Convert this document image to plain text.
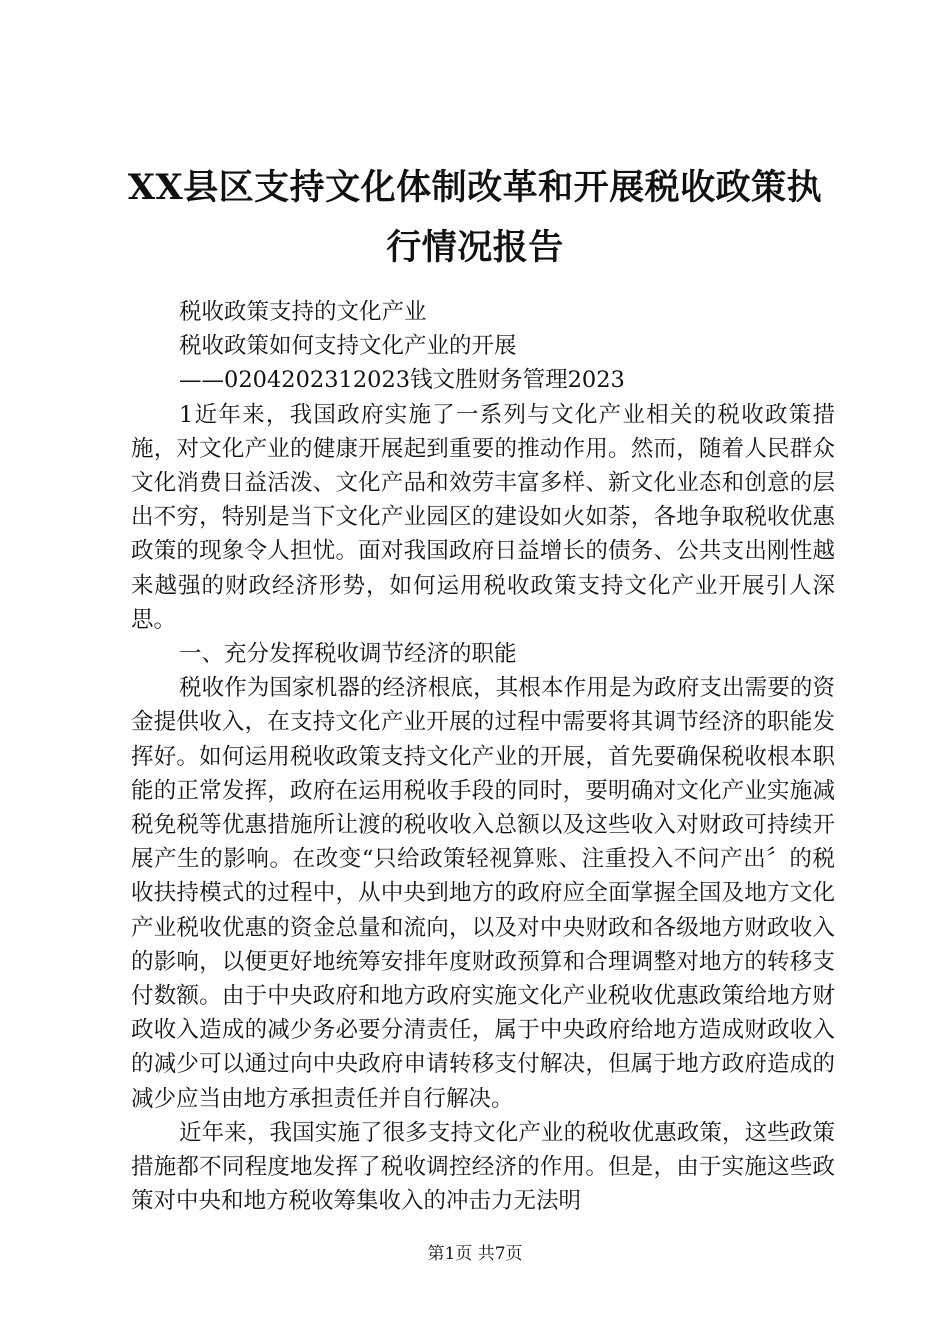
XX县区支持文化体制改革和开展税收政策执行情况报告

税收政策支持的文化产业

税收政策如何支持文化产业的开展

——0204202312023钱文胜财务管理2023

1近年来，我国政府实施了一系列与文化产业相关的税收政策措施，对文化产业的健康开展起到重要的推动作用。然而，随着人民群众文化消费日益活泼、文化产品和效劳丰富多样、新文化业态和创意的层出不穷，特别是当下文化产业园区的建设如火如荼，各地争取税收优惠政策的现象令人担忧。面对我国政府日益增长的债务、公共支出刚性越来越强的财政经济形势，如何运用税收政策支持文化产业开展引人深思。

一、充分发挥税收调节经济的职能

税收作为国家机器的经济根底，其根本作用是为政府支出需要的资金提供收入，在支持文化产业开展的过程中需要将其调节经济的职能发挥好。如何运用税收政策支持文化产业的开展，首先要确保税收根本职能的正常发挥，政府在运用税收手段的同时，要明确对文化产业实施减税免税等优惠措施所让渡的税收收入总额以及这些收入对财政可持续开展产生的影响。在改变“只给政策轻视算账、注重投入不问产出〞的税收扶持模式的过程中，从中央到地方的政府应全面掌握全国及地方文化产业税收优惠的资金总量和流向，以及对中央财政和各级地方财政收入的影响，以便更好地统筹安排年度财政预算和合理调整对地方的转移支付数额。由于中央政府和地方政府实施文化产业税收优惠政策给地方财政收入造成的减少务必要分清责任，属于中央政府给地方造成财政收入的减少可以通过向中央政府申请转移支付解决，但属于地方政府造成的减少应当由地方承担责任并自行解决。

近年来，我国实施了很多支持文化产业的税收优惠政策，这些政策措施都不同程度地发挥了税收调控经济的作用。但是，由于实施这些政策对中央和地方税收筹集收入的冲击力无法明

第1页 共7页
